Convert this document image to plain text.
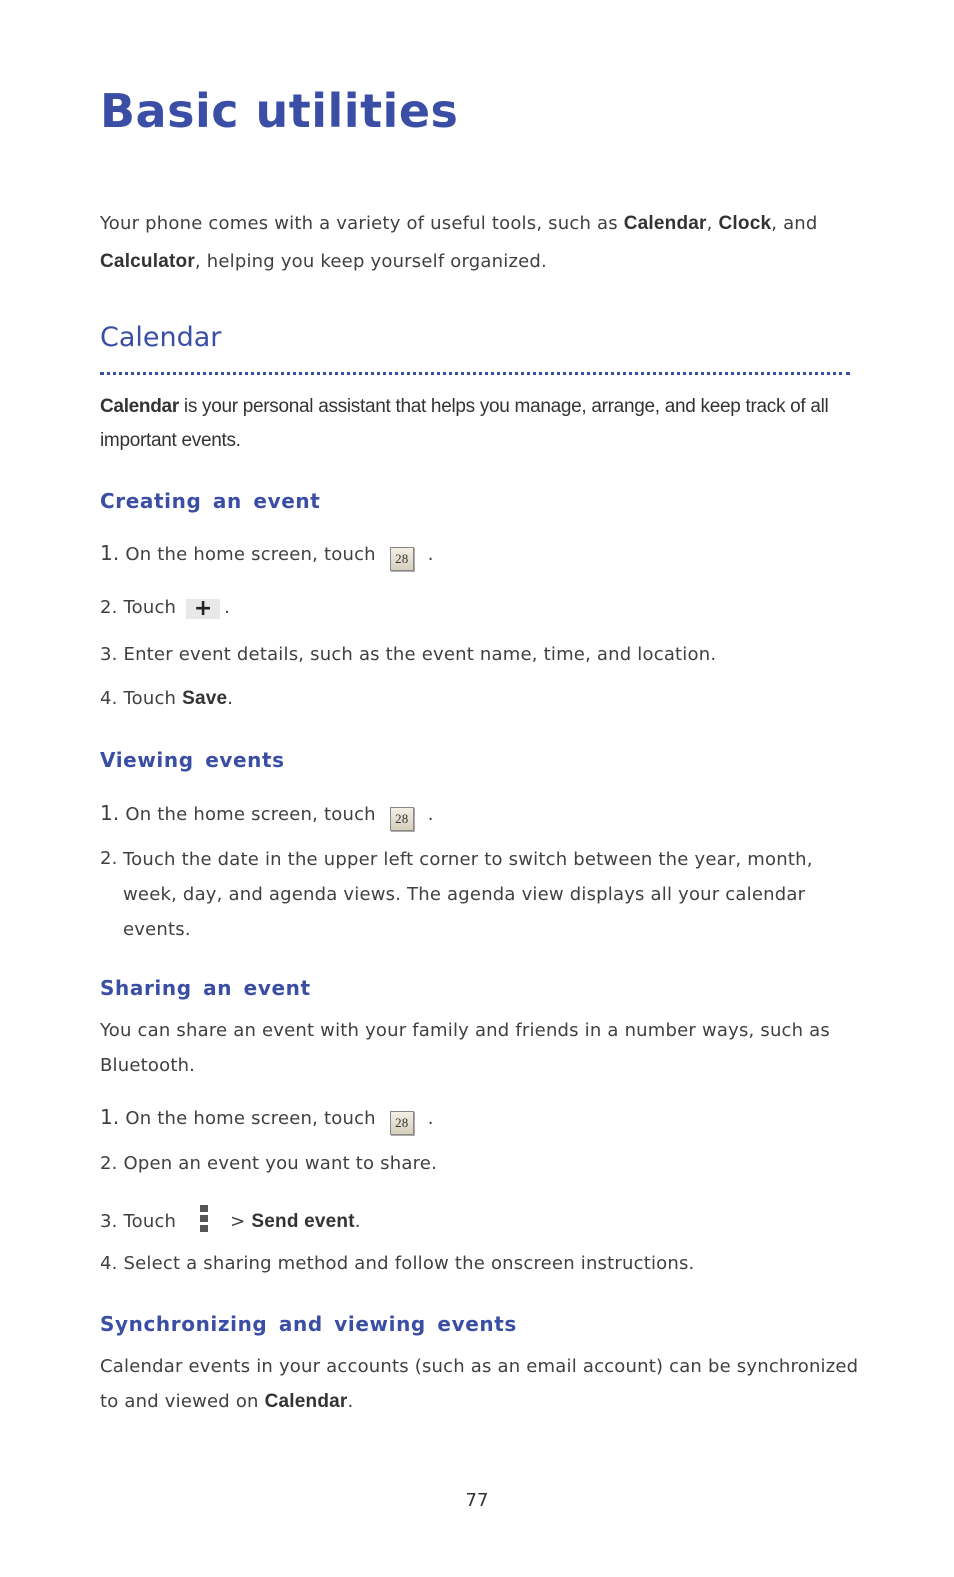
Basic utilities
Your phone comes with a variety of useful tools, such as Calendar, Clock, and
Calculator, helping you keep yourself organized.
Calendar
Calendar is your personal assistant that helps you manage, arrange, and keep track of all important events.
Creating an event
1. On the home screen, touch 28 .
2. Touch + .
3. Enter event details, such as the event name, time, and location.
4. Touch Save.
Viewing events
1. On the home screen, touch 28 .
2. Touch the date in the upper left corner to switch between the year, month, week, day, and agenda views. The agenda view displays all your calendar events.
Sharing an event
You can share an event with your family and friends in a number ways, such as Bluetooth.
1. On the home screen, touch 28 .
2. Open an event you want to share.
3. Touch	> Send event.
4. Select a sharing method and follow the onscreen instructions.
Synchronizing and viewing events
Calendar events in your accounts (such as an email account) can be synchronized to and viewed on Calendar.
77
